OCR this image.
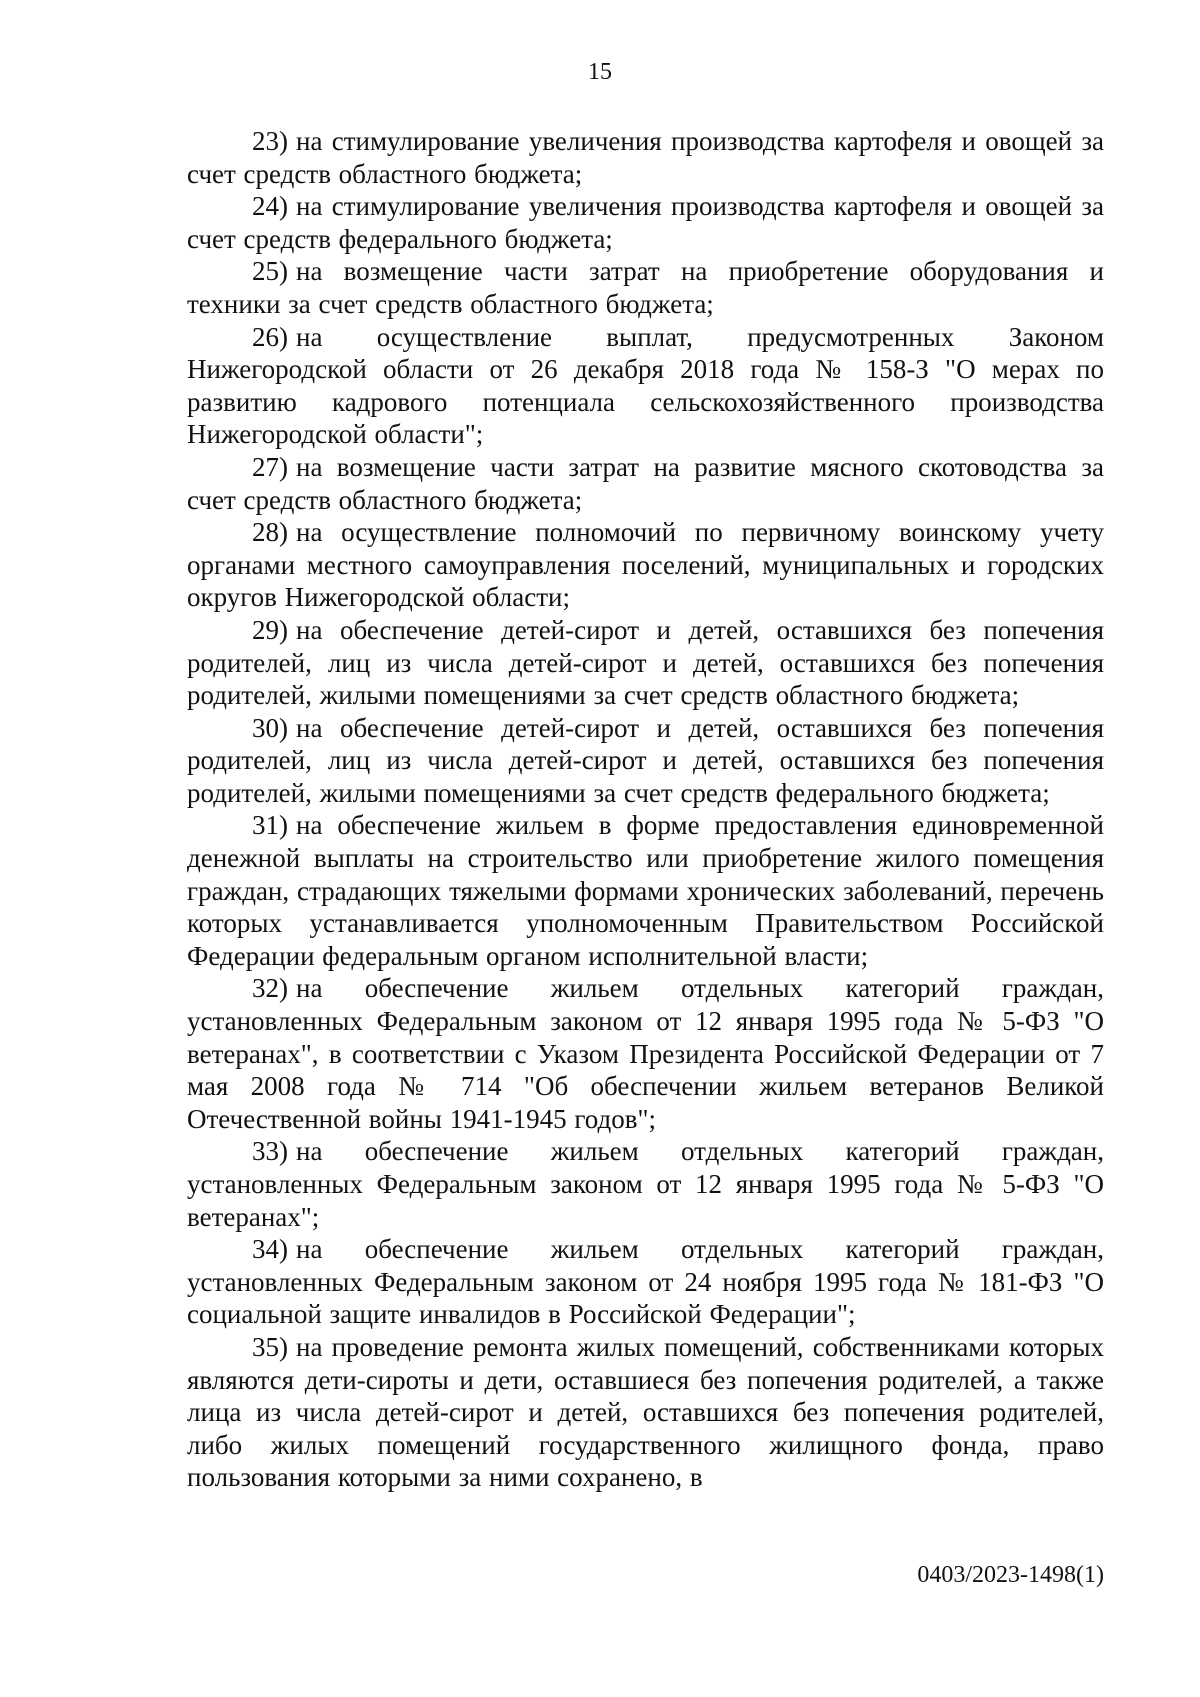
15

23) на стимулирование увеличения производства картофеля и овощей за счет средств областного бюджета;

24) на стимулирование увеличения производства картофеля и овощей за счет средств федерального бюджета;

25) на возмещение части затрат на приобретение оборудования и техники за счет средств областного бюджета;

26) на осуществление выплат, предусмотренных Законом Нижегородской области от 26 декабря 2018 года № 158-З "О мерах по развитию кадрового потенциала сельскохозяйственного производства Нижегородской области";

27) на возмещение части затрат на развитие мясного скотоводства за счет средств областного бюджета;

28) на осуществление полномочий по первичному воинскому учету органами местного самоуправления поселений, муниципальных и городских округов Нижегородской области;

29) на обеспечение детей-сирот и детей, оставшихся без попечения родителей, лиц из числа детей-сирот и детей, оставшихся без попечения родителей, жилыми помещениями за счет средств областного бюджета;

30) на обеспечение детей-сирот и детей, оставшихся без попечения родителей, лиц из числа детей-сирот и детей, оставшихся без попечения родителей, жилыми помещениями за счет средств федерального бюджета;

31) на обеспечение жильем в форме предоставления единовременной денежной выплаты на строительство или приобретение жилого помещения граждан, страдающих тяжелыми формами хронических заболеваний, перечень которых устанавливается уполномоченным Правительством Российской Федерации федеральным органом исполнительной власти;

32) на обеспечение жильем отдельных категорий граждан, установленных Федеральным законом от 12 января 1995 года № 5-ФЗ "О ветеранах", в соответствии с Указом Президента Российской Федерации от 7 мая 2008 года № 714 "Об обеспечении жильем ветеранов Великой Отечественной войны 1941-1945 годов";

33) на обеспечение жильем отдельных категорий граждан, установленных Федеральным законом от 12 января 1995 года № 5-ФЗ "О ветеранах";

34) на обеспечение жильем отдельных категорий граждан, установленных Федеральным законом от 24 ноября 1995 года № 181-ФЗ "О социальной защите инвалидов в Российской Федерации";

35) на проведение ремонта жилых помещений, собственниками которых являются дети-сироты и дети, оставшиеся без попечения родителей, а также лица из числа детей-сирот и детей, оставшихся без попечения родителей, либо жилых помещений государственного жилищного фонда, право пользования которыми за ними сохранено, в

0403/2023-1498(1)
